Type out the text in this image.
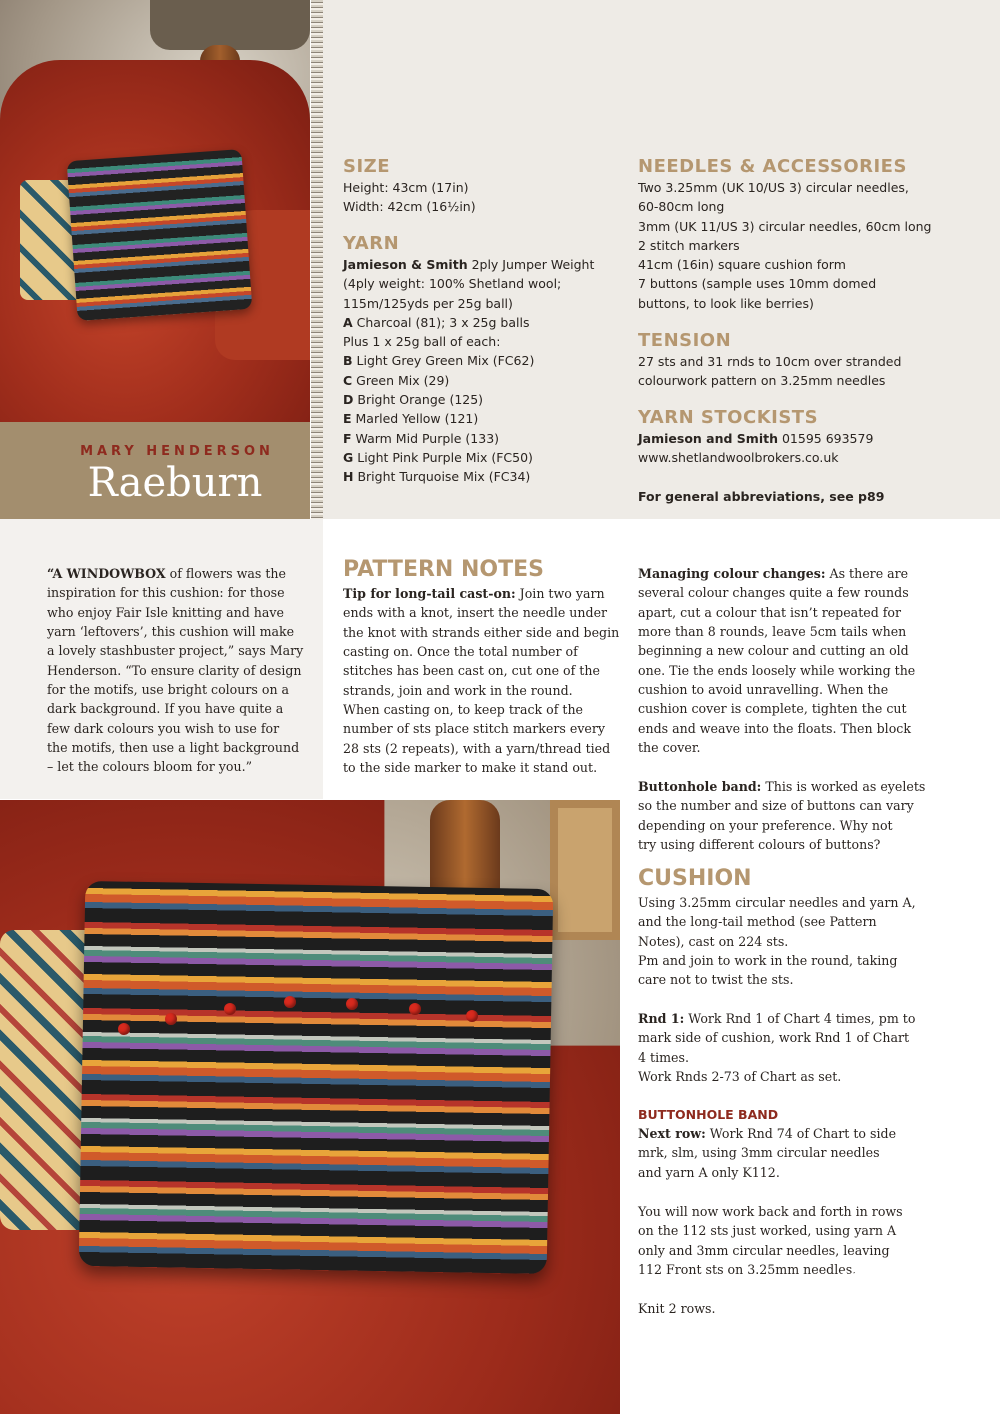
MARY HENDERSON
Raeburn
SIZE
Height: 43cm (17in)
Width: 42cm (16½in)
YARN
Jamieson & Smith 2ply Jumper Weight
(4ply weight: 100% Shetland wool;
115m/125yds per 25g ball)
A Charcoal (81); 3 x 25g balls
Plus 1 x 25g ball of each:
B Light Grey Green Mix (FC62)
C Green Mix (29)
D Bright Orange (125)
E Marled Yellow (121)
F Warm Mid Purple (133)
G Light Pink Purple Mix (FC50)
H Bright Turquoise Mix (FC34)
NEEDLES & ACCESSORIES
Two 3.25mm (UK 10/US 3) circular needles,
60-80cm long
3mm (UK 11/US 3) circular needles, 60cm long
2 stitch markers
41cm (16in) square cushion form
7 buttons (sample uses 10mm domed
buttons, to look like berries)
TENSION
27 sts and 31 rnds to 10cm over stranded
colourwork pattern on 3.25mm needles
YARN STOCKISTS
Jamieson and Smith 01595 693579
www.shetlandwoolbrokers.co.uk
For general abbreviations, see p89

“A WINDOWBOX of flowers was the

inspiration for this cushion: for those

who enjoy Fair Isle knitting and have

yarn ‘leftovers’, this cushion will make

a lovely stashbuster project,” says Mary

Henderson. “To ensure clarity of design

for the motifs, use bright colours on a

dark background. If you have quite a

few dark colours you wish to use for

the motifs, then use a light background

– let the colours bloom for you.”

PATTERN NOTES

Tip for long-tail cast-on: Join two yarn

ends with a knot, insert the needle under

the knot with strands either side and begin

casting on. Once the total number of

stitches has been cast on, cut one of the

strands, join and work in the round.

When casting on, to keep track of the

number of sts place stitch markers every

28 sts (2 repeats), with a yarn/thread tied

to the side marker to make it stand out.

Managing colour changes: As there are

several colour changes quite a few rounds

apart, cut a colour that isn’t repeated for

more than 8 rounds, leave 5cm tails when

beginning a new colour and cutting an old

one. Tie the ends loosely while working the

cushion to avoid unravelling. When the

cushion cover is complete, tighten the cut

ends and weave into the floats. Then block

the cover.

Buttonhole band: This is worked as eyelets

so the number and size of buttons can vary

depending on your preference. Why not

try using different colours of buttons?

CUSHION

Using 3.25mm circular needles and yarn A,

and the long-tail method (see Pattern

Notes), cast on 224 sts.

Pm and join to work in the round, taking

care not to twist the sts.

Rnd 1: Work Rnd 1 of Chart 4 times, pm to

mark side of cushion, work Rnd 1 of Chart

4 times.

Work Rnds 2-73 of Chart as set.

BUTTONHOLE BAND

Next row: Work Rnd 74 of Chart to side

mrk, slm, using 3mm circular needles

and yarn A only K112.

You will now work back and forth in rows

on the 112 sts just worked, using yarn A

only and 3mm circular needles, leaving

112 Front sts on 3.25mm needles.

Knit 2 rows.

An eyelet buttonhole
band is paired with
bobble buttons
